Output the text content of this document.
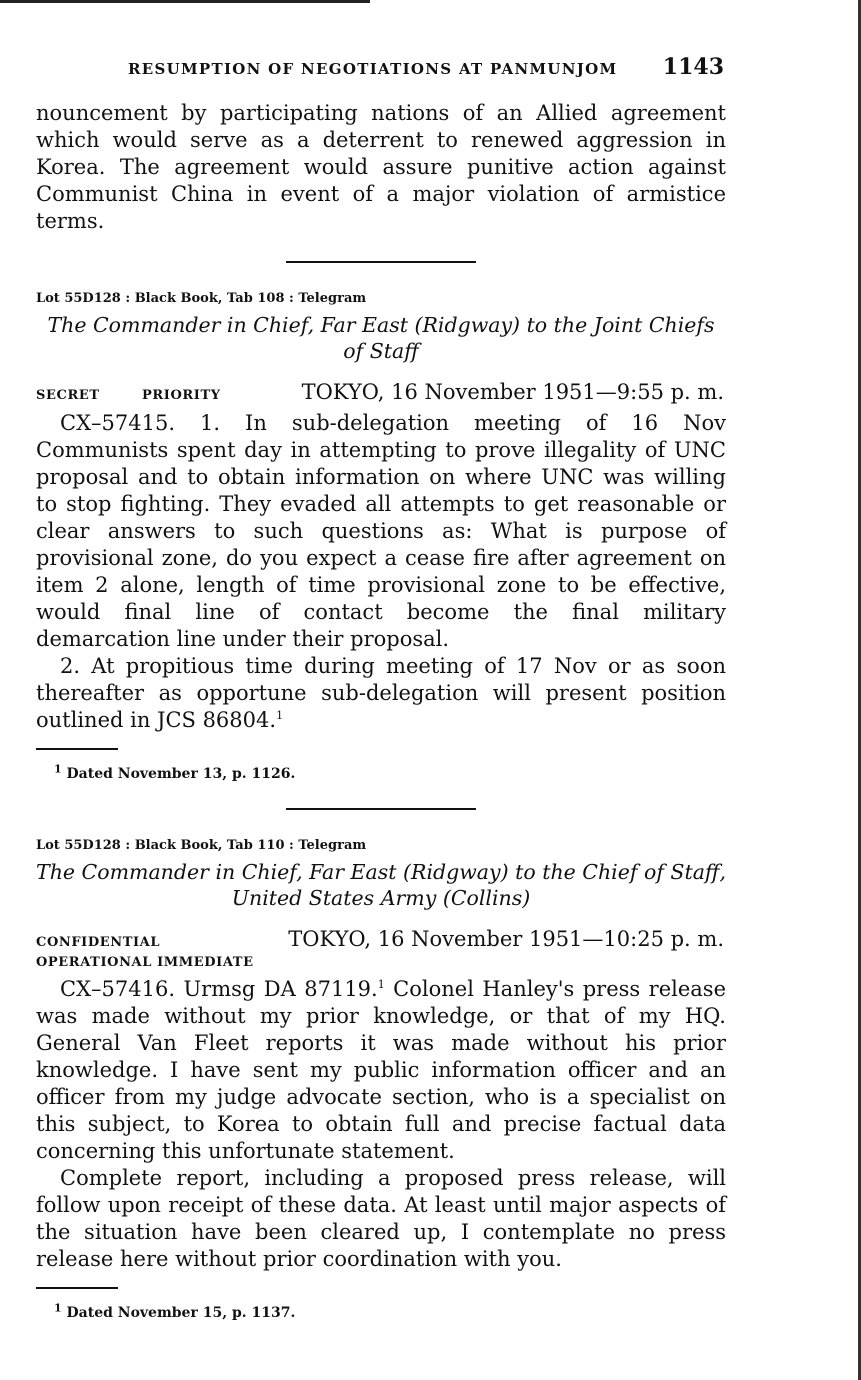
RESUMPTION OF NEGOTIATIONS AT PANMUNJOM 1143

nouncement by participating nations of an Allied agreement which would serve as a deterrent to renewed aggression in Korea. The agreement would assure punitive action against Communist China in event of a major violation of armistice terms.

Lot 55D128 : Black Book, Tab 108 : Telegram
The Commander in Chief, Far East (Ridgway) to the Joint Chiefs
of Staff
SECRET	PRIORITY	TOKYO, 16 November 1951—9:55 p. m.

CX–57415. 1. In sub-delegation meeting of 16 Nov Communists spent day in attempting to prove illegality of UNC proposal and to obtain information on where UNC was willing to stop fighting. They evaded all attempts to get reasonable or clear answers to such questions as: What is purpose of provisional zone, do you expect a cease fire after agreement on item 2 alone, length of time provisional zone to be effective, would final line of contact become the final military demarcation line under their proposal.

2. At propitious time during meeting of 17 Nov or as soon thereafter as opportune sub-delegation will present position outlined in JCS 86804.$^1$

$^1$ Dated November 13, p. 1126.
Lot 55D128 : Black Book, Tab 110 : Telegram
The Commander in Chief, Far East (Ridgway) to the Chief of Staff,
United States Army (Collins)
CONFIDENTIAL	TOKYO, 16 November 1951—10:25 p. m.
OPERATIONAL IMMEDIATE

CX–57416. Urmsg DA 87119.$^1$ Colonel Hanley's press release was made without my prior knowledge, or that of my HQ. General Van Fleet reports it was made without his prior knowledge. I have sent my public information officer and an officer from my judge advocate section, who is a specialist on this subject, to Korea to obtain full and precise factual data concerning this unfortunate statement.

Complete report, including a proposed press release, will follow upon receipt of these data. At least until major aspects of the situation have been cleared up, I contemplate no press release here without prior coordination with you.

$^1$ Dated November 15, p. 1137.
